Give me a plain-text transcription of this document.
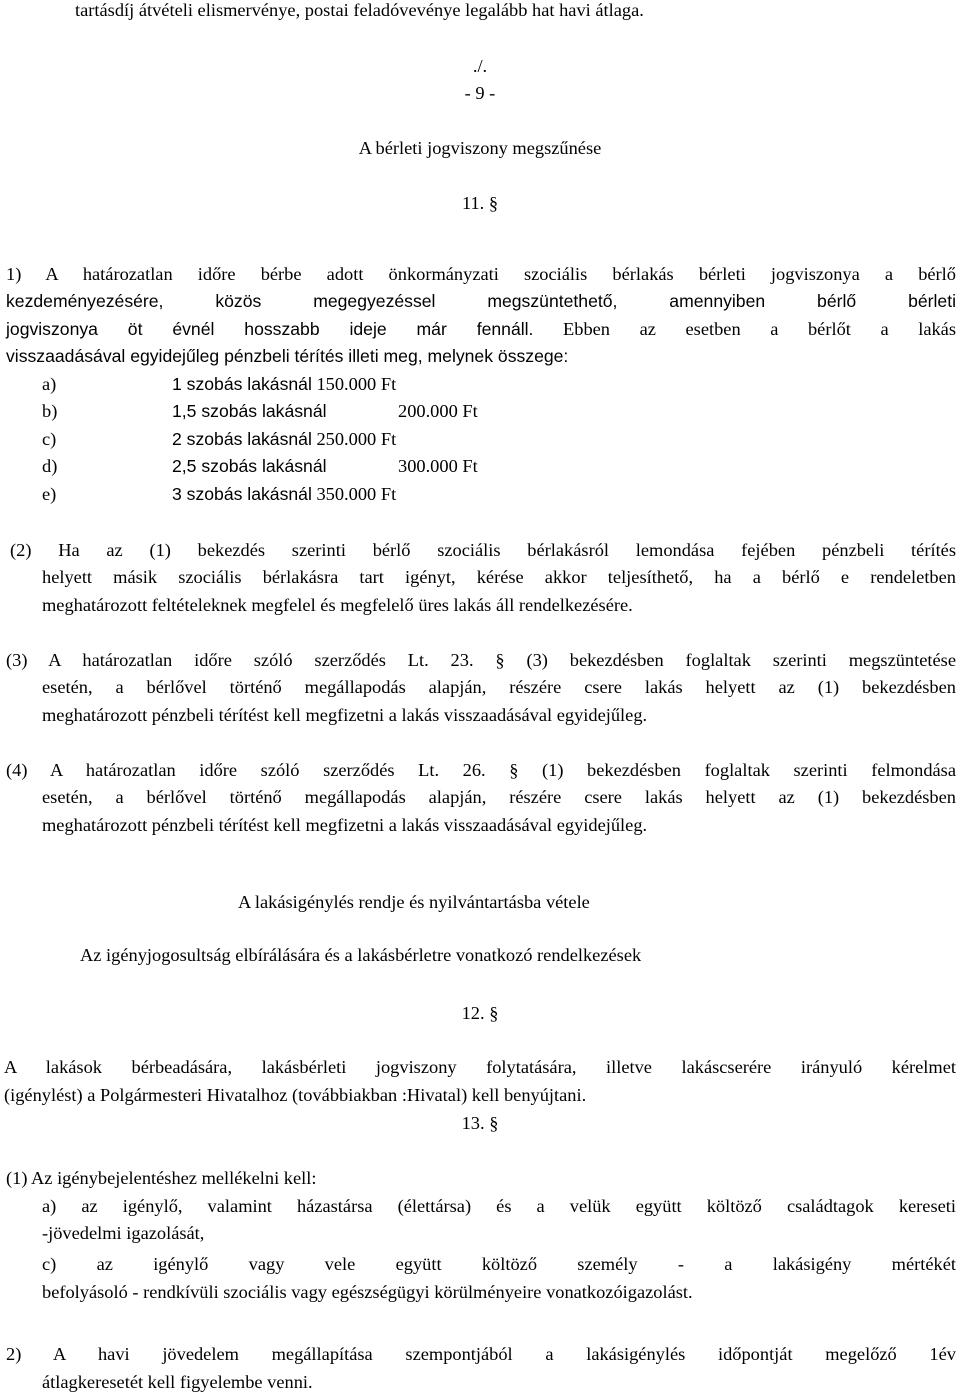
tartásdíj átvételi elismervénye, postai feladóvevénye legalább hat havi átlaga.
./.
- 9 -
A bérleti jogviszony megszűnése
11. §
1) A határozatlan időre bérbe adott önkormányzati szociális bérlakás bérleti jogviszonya a bérlő
kezdeményezésére, közös megegyezéssel megszüntethető, amennyiben bérlő bérleti
jogviszonya öt évnél hosszabb ideje már fennáll. Ebben az esetben a bérlőt a lakás
visszaadásával egyidejűleg pénzbeli térítés illeti meg, melynek összege:
a)	1 szobás lakásnál 150.000 Ft
b)	1,5 szobás lakásnál	200.000 Ft
c)	2 szobás lakásnál 250.000 Ft
d)	2,5 szobás lakásnál	300.000 Ft
e)	3 szobás lakásnál 350.000 Ft
(2) Ha az (1) bekezdés szerinti bérlő szociális bérlakásról lemondása fejében pénzbeli térítés
helyett másik szociális bérlakásra tart igényt, kérése akkor teljesíthető, ha a bérlő e rendeletben
meghatározott feltételeknek megfelel és megfelelő üres lakás áll rendelkezésére.
(3) A határozatlan időre szóló szerződés Lt. 23. § (3) bekezdésben foglaltak szerinti megszüntetése
esetén, a bérlővel történő megállapodás alapján, részére csere lakás helyett az (1) bekezdésben
meghatározott pénzbeli térítést kell megfizetni a lakás visszaadásával egyidejűleg.
(4) A határozatlan időre szóló szerződés Lt. 26. § (1) bekezdésben foglaltak szerinti felmondása
esetén, a bérlővel történő megállapodás alapján, részére csere lakás helyett az (1) bekezdésben
meghatározott pénzbeli térítést kell megfizetni a lakás visszaadásával egyidejűleg.
A lakásigénylés rendje és nyilvántartásba vétele
Az igényjogosultság elbírálására és a lakásbérletre vonatkozó rendelkezések
12. §
A lakások bérbeadására, lakásbérleti jogviszony folytatására, illetve lakáscserére irányuló kérelmet
(igénylést) a Polgármesteri Hivatalhoz (továbbiakban :Hivatal) kell benyújtani.
13. §
(1) Az igénybejelentéshez mellékelni kell:
a) az igénylő, valamint házastársa (élettársa) és a velük együtt költöző családtagok kereseti
-jövedelmi igazolását,
c) az igénylő vagy vele együtt költöző személy - a lakásigény mértékét
befolyásoló - rendkívüli szociális vagy egészségügyi körülményeire vonatkozóigazolást.
2) A havi jövedelem megállapítása szempontjából a lakásigénylés időpontját megelőző 1év
átlagkeresetét kell figyelembe venni.
